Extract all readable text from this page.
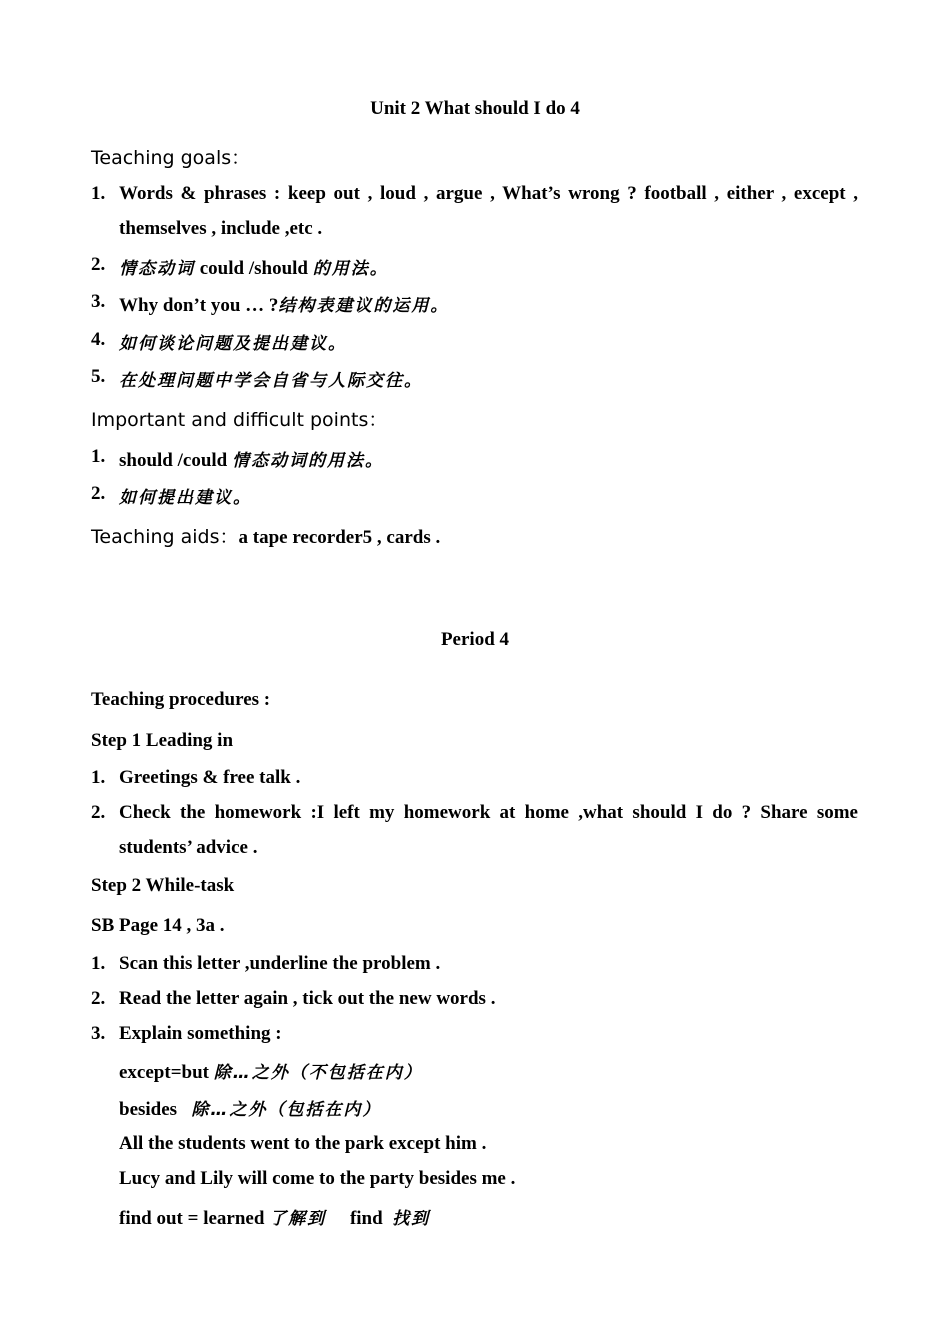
Unit 2 What should I do 4
Teaching goals：
1. Words & phrases : keep out , loud , argue , What’s wrong ? football , either , except ,
themselves , include ,etc .
2. 情态动词 could /should 的用法。
3. Why don’t you … ?结构表建议的运用。
4. 如何谈论问题及提出建议。
5. 在处理问题中学会自省与人际交往。
Important and difficult points：
1. should /could 情态动词的用法。
2. 如何提出建议。
Teaching aids：a tape recorder5 , cards .
Period 4
Teaching procedures :
Step 1 Leading in
1. Greetings & free talk .
2. Check the homework :I left my homework at home ,what should I do ? Share some
students’ advice .
Step 2 While-task
SB Page 14 , 3a .
1. Scan this letter ,underline the problem .
2. Read the letter again , tick out the new words .
3. Explain something :
except=but 除…之外（不包括在内）
besides   除…之外（包括在内）
All the students went to the park except him .
Lucy and Lily will come to the party besides me .
find out = learned 了解到     find  找到
